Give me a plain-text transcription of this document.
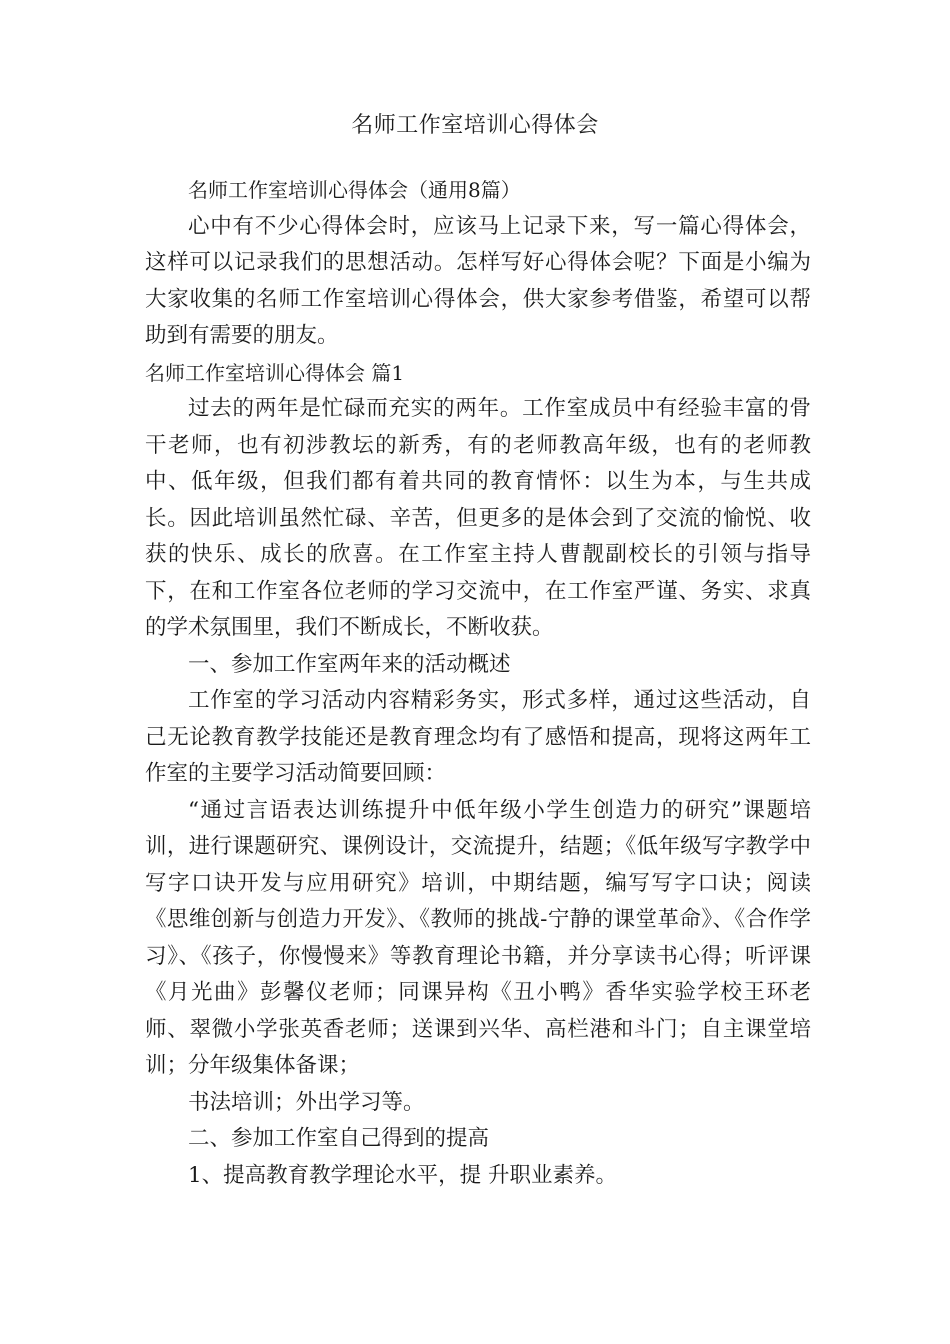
名师工作室培训心得体会

名师工作室培训心得体会（通用8篇）

心中有不少心得体会时，应该马上记录下来，写一篇心得体会，这样可以记录我们的思想活动。怎样写好心得体会呢？下面是小编为大家收集的名师工作室培训心得体会，供大家参考借鉴，希望可以帮助到有需要的朋友。

名师工作室培训心得体会 篇1

过去的两年是忙碌而充实的两年。工作室成员中有经验丰富的骨干老师，也有初涉教坛的新秀，有的老师教高年级，也有的老师教中、低年级，但我们都有着共同的教育情怀：以生为本，与生共成长。因此培训虽然忙碌、辛苦，但更多的是体会到了交流的愉悦、收获的快乐、成长的欣喜。在工作室主持人曹靓副校长的引领与指导下，在和工作室各位老师的学习交流中，在工作室严谨、务实、求真的学术氛围里，我们不断成长，不断收获。

一、参加工作室两年来的活动概述

工作室的学习活动内容精彩务实，形式多样，通过这些活动，自己无论教育教学技能还是教育理念均有了感悟和提高，现将这两年工作室的主要学习活动简要回顾：

“通过言语表达训练提升中低年级小学生创造力的研究”课题培训，进行课题研究、课例设计，交流提升，结题；《低年级写字教学中写字口诀开发与应用研究》培训，中期结题，编写写字口诀；阅读《思维创新与创造力开发》、《教师的挑战-宁静的课堂革命》、《合作学习》、《孩子，你慢慢来》等教育理论书籍，并分享读书心得；听评课《月光曲》彭馨仪老师；同课异构《丑小鸭》香华实验学校王环老师、翠微小学张英香老师；送课到兴华、高栏港和斗门；自主课堂培训；分年级集体备课；

书法培训；外出学习等。

二、参加工作室自己得到的提高

1、提高教育教学理论水平，提 升职业素养。
